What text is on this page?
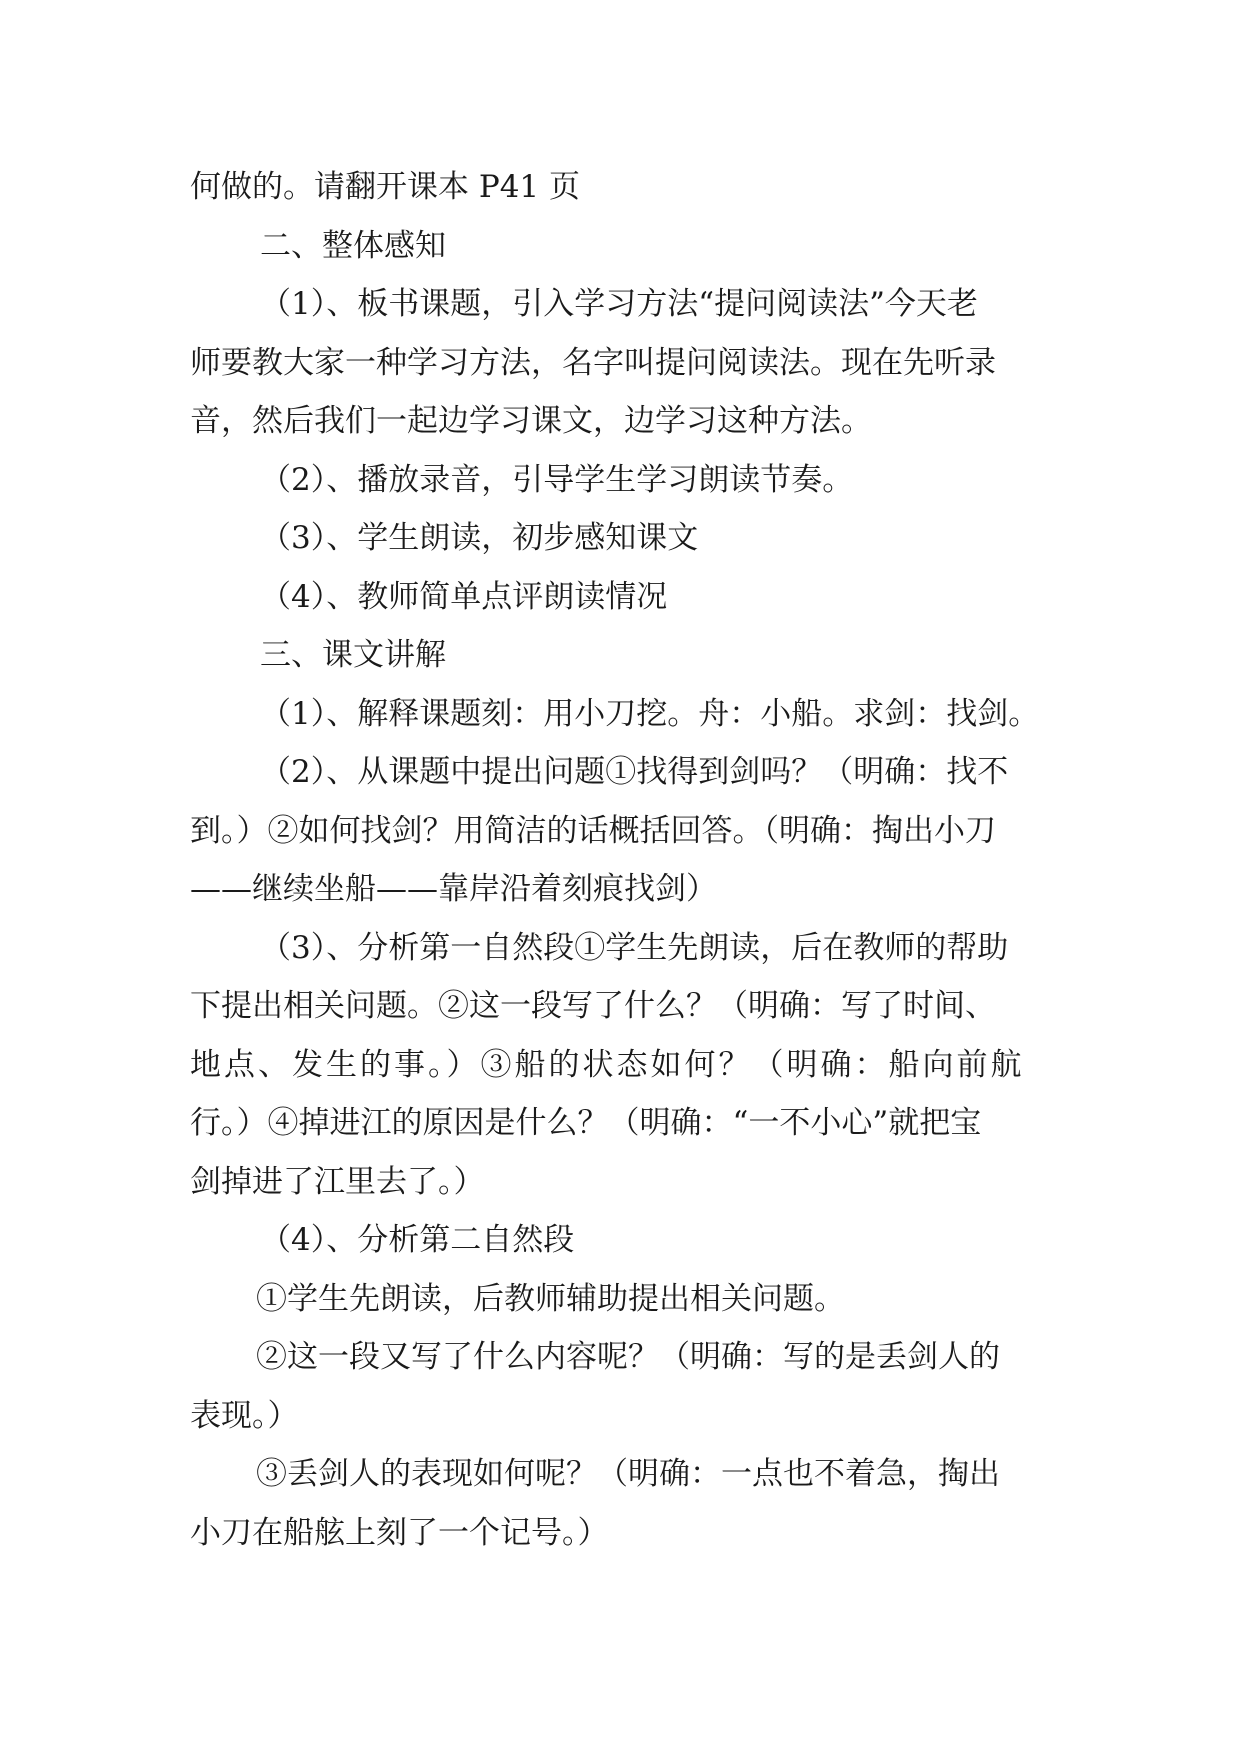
何做的。请翻开课本 P41 页
二、整体感知
（1）、板书课题，引入学习方法“提问阅读法”今天老
师要教大家一种学习方法，名字叫提问阅读法。现在先听录
音，然后我们一起边学习课文，边学习这种方法。
（2）、播放录音，引导学生学习朗读节奏。
（3）、学生朗读，初步感知课文
（4）、教师简单点评朗读情况
三、课文讲解
（1）、解释课题刻：用小刀挖。舟：小船。求剑：找剑。
（2）、从课题中提出问题①找得到剑吗？（明确：找不
到。）②如何找剑？用简洁的话概括回答。（明确：掏出小刀
——继续坐船——靠岸沿着刻痕找剑）
（3）、分析第一自然段①学生先朗读，后在教师的帮助
下提出相关问题。②这一段写了什么？（明确：写了时间、
地点、发生的事。）③船的状态如何？（明确：船向前航
行。）④掉进江的原因是什么？（明确：“一不小心”就把宝
剑掉进了江里去了。）
（4）、分析第二自然段
①学生先朗读，后教师辅助提出相关问题。
②这一段又写了什么内容呢？（明确：写的是丢剑人的
表现。）
③丢剑人的表现如何呢？（明确：一点也不着急，掏出
小刀在船舷上刻了一个记号。）
